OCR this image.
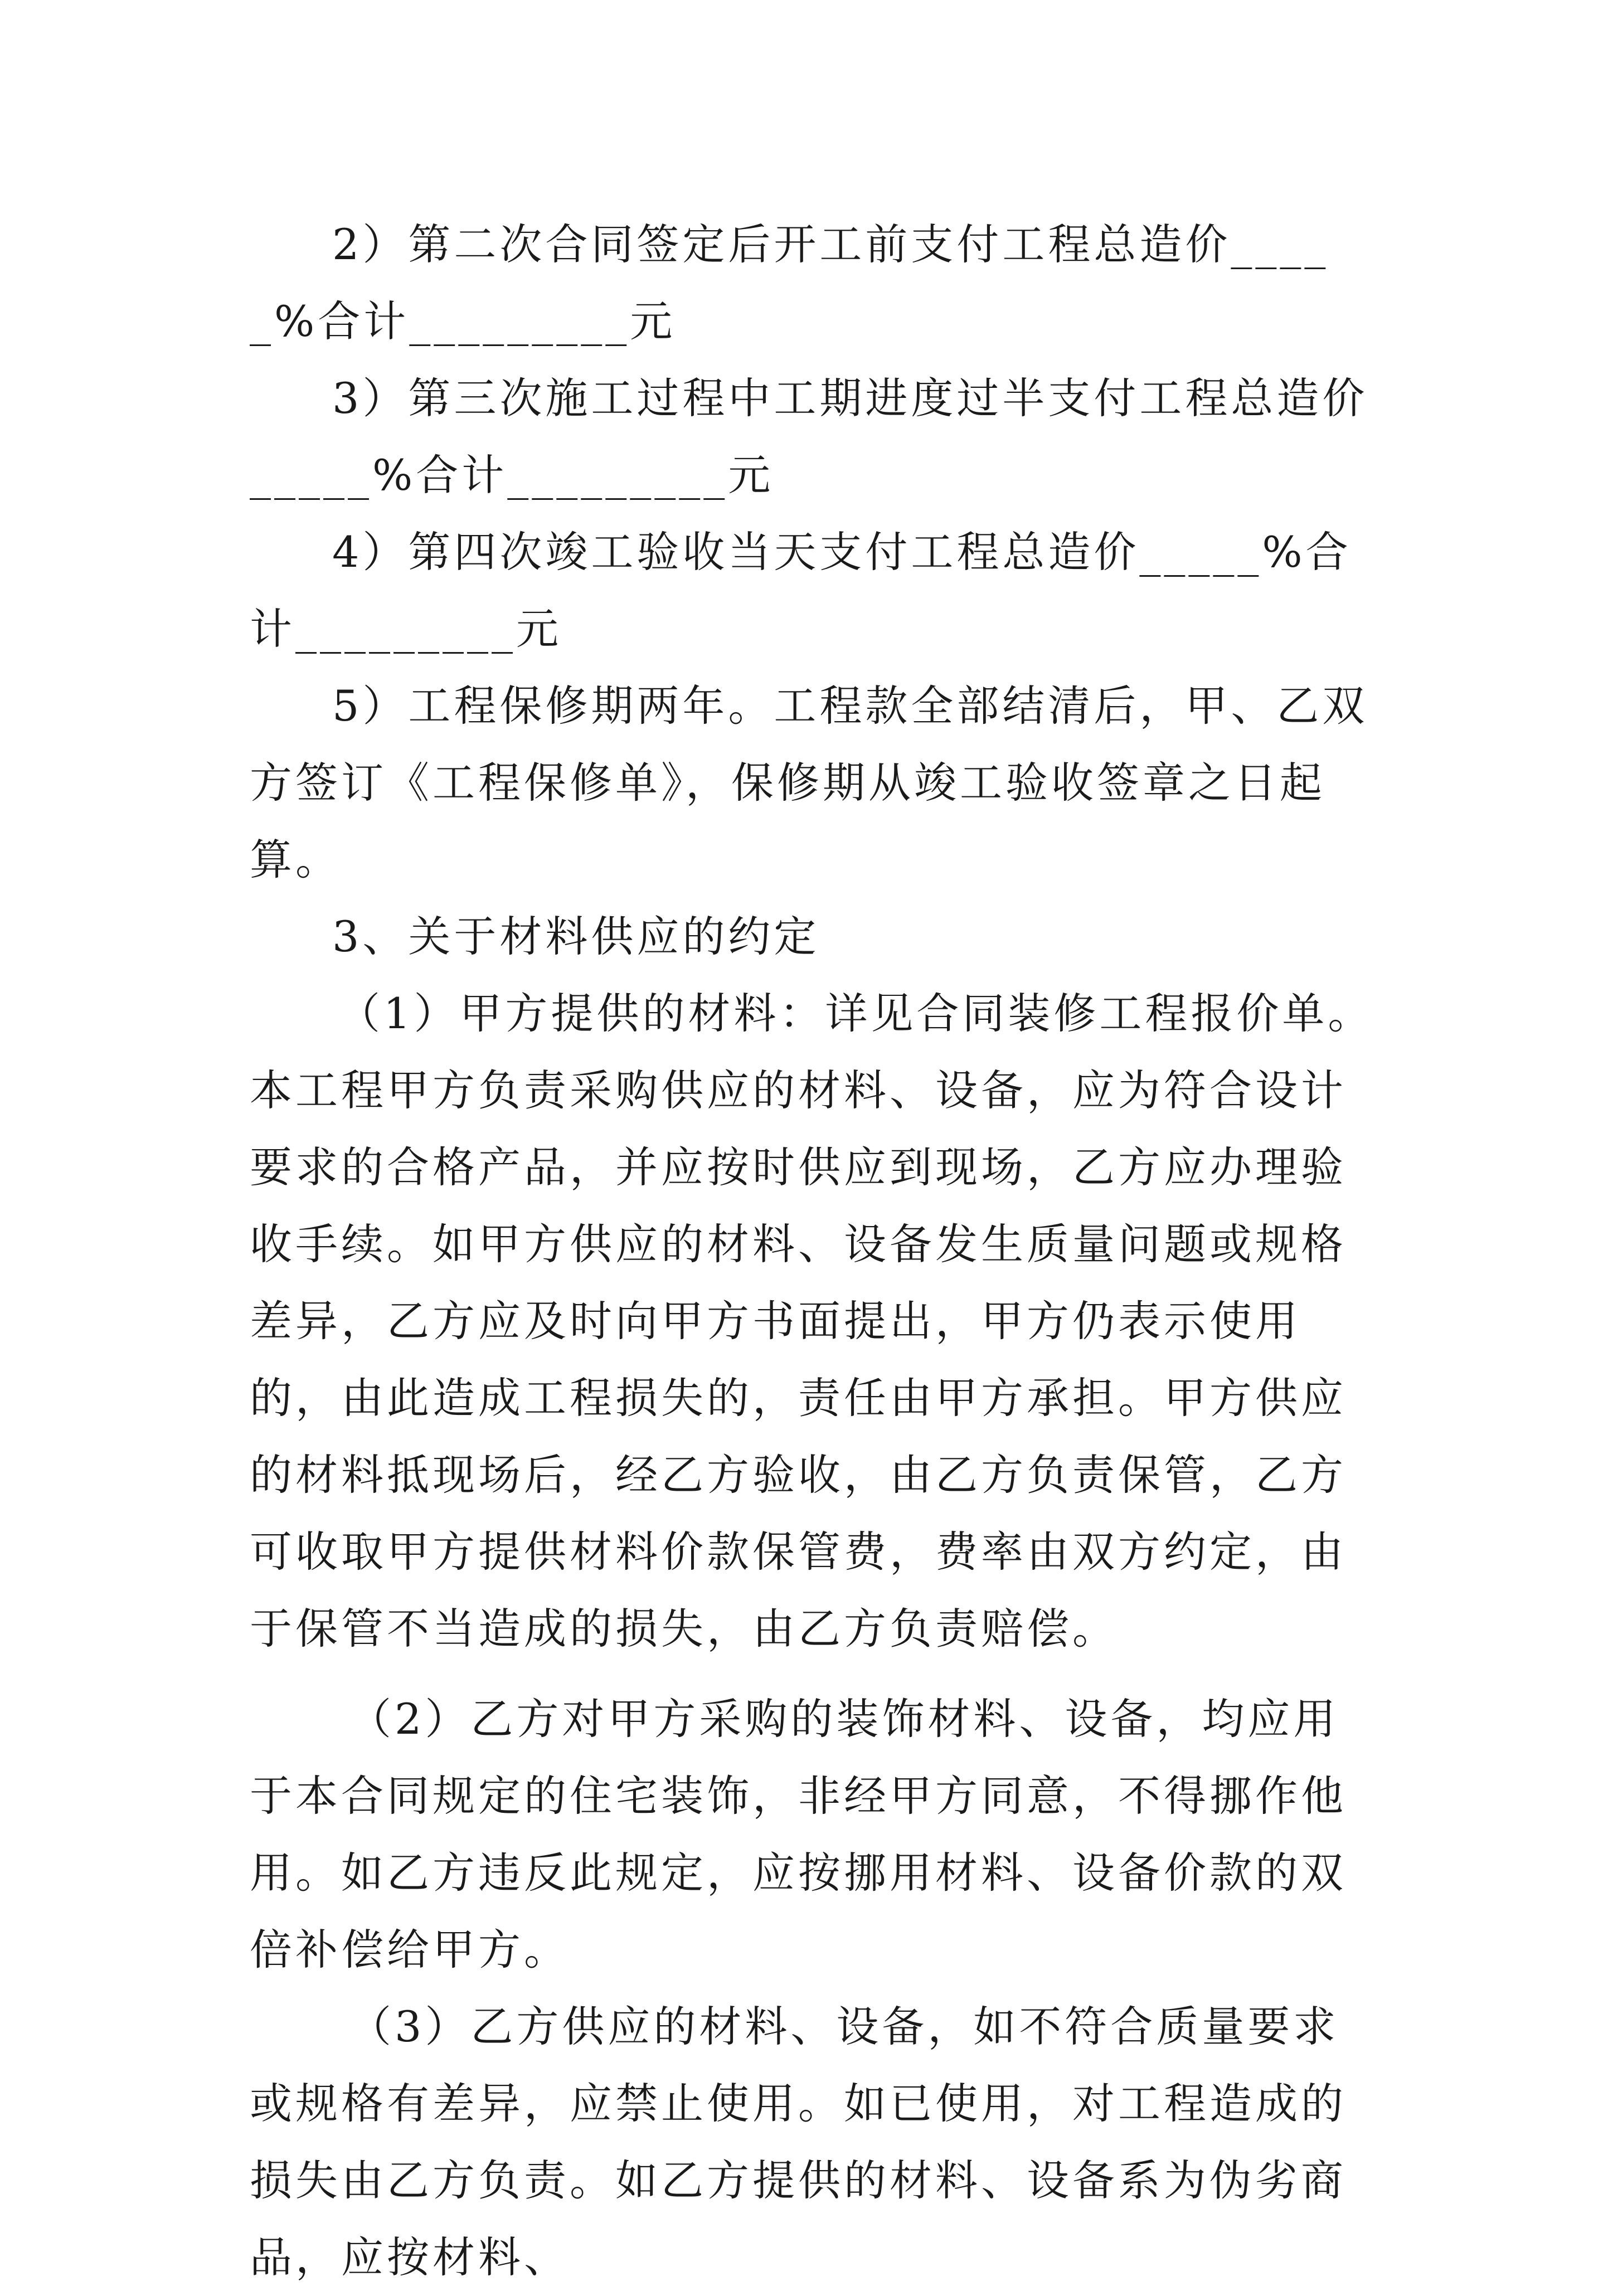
2）第二次合同签定后开工前支付工程总造价_____%合计_________元

3）第三次施工过程中工期进度过半支付工程总造价_____%合计_________元

4）第四次竣工验收当天支付工程总造价_____%合计_________元

5）工程保修期两年。工程款全部结清后，甲、乙双方签订《工程保修单》，保修期从竣工验收签章之日起算。

3、关于材料供应的约定

（1）甲方提供的材料：详见合同装修工程报价单。本工程甲方负责采购供应的材料、设备，应为符合设计要求的合格产品，并应按时供应到现场，乙方应办理验收手续。如甲方供应的材料、设备发生质量问题或规格差异，乙方应及时向甲方书面提出，甲方仍表示使用的，由此造成工程损失的，责任由甲方承担。甲方供应的材料抵现场后，经乙方验收，由乙方负责保管，乙方可收取甲方提供材料价款保管费，费率由双方约定，由于保管不当造成的损失，由乙方负责赔偿。

（2）乙方对甲方采购的装饰材料、设备，均应用于本合同规定的住宅装饰，非经甲方同意，不得挪作他用。如乙方违反此规定，应按挪用材料、设备价款的双倍补偿给甲方。

（3）乙方供应的材料、设备，如不符合质量要求或规格有差异，应禁止使用。如已使用，对工程造成的损失由乙方负责。如乙方提供的材料、设备系为伪劣商品，应按材料、
